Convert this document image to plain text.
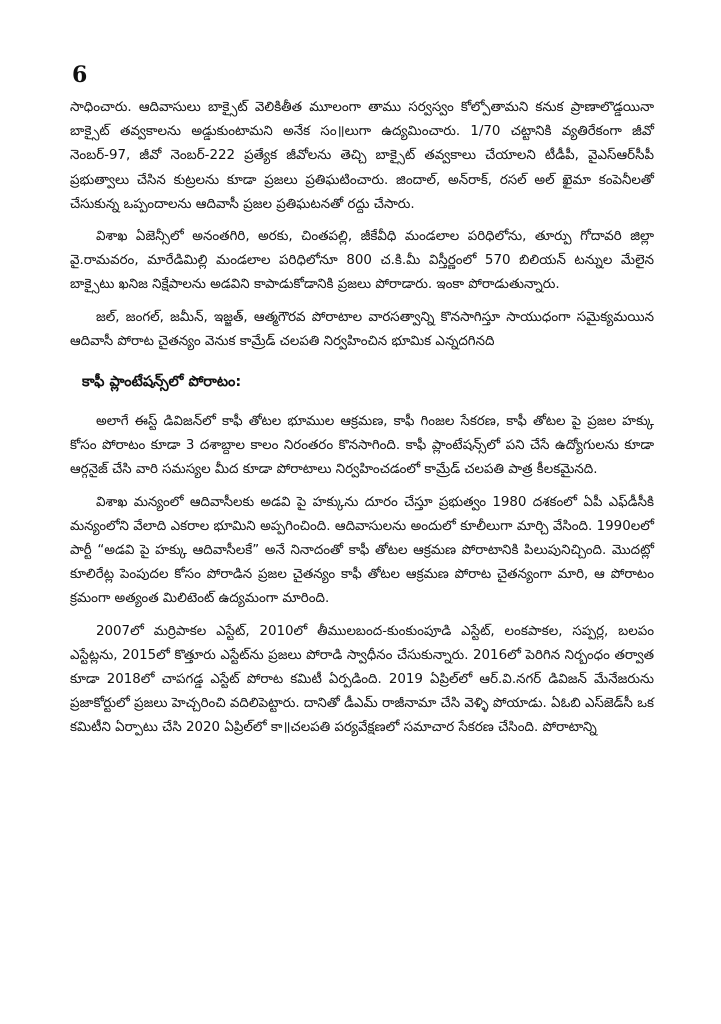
6

సాధించారు. ఆదివాసులు బాక్సైట్ వెలికితీత మూలంగా తాము సర్వస్వం కోల్పోతామని కనుక ప్రాణాలొడ్డయినా బాక్సైట్ తవ్వకాలను అడ్డుకుంటామని అనేక సం॥లుగా ఉద్యమించారు. 1/70 చట్టానికి వ్యతిరేకంగా జీవో నెంబర్-97, జీవో నెంబర్-222 ప్రత్యేక జీవోలను తెచ్చి బాక్సైట్ తవ్వకాలు చేయాలని టీడీపీ, వైఎస్ఆర్‌సీపీ ప్రభుత్వాలు చేసిన కుట్రలను కూడా ప్రజలు ప్రతిఘటించారు. జిందాల్, అన్‌రాక్, రసల్ అల్ ఖైమా కంపెనీలతో చేసుకున్న ఒప్పందాలను ఆదివాసీ ప్రజల ప్రతిఘటనతో రద్దు చేసారు.

విశాఖ ఏజెన్సీలో అనంతగిరి, అరకు, చింతపల్లి, జీకేవీధి మండలాల పరిధిలోను, తూర్పు గోదావరి జిల్లా వై.రామవరం, మారేడిమిల్లి మండలాల పరిధిలోనూ 800 చ.కి.మీ విస్తీర్ణంలో 570 బిలియన్ టన్నుల మేలైన బాక్సైటు ఖనిజ నిక్షేపాలను అడవిని కాపాడుకోడానికి ప్రజలు పోరాడారు. ఇంకా పోరాడుతున్నారు.

జల్, జంగల్, జమీన్, ఇజ్జత్, ఆత్మగౌరవ పోరాటాల వారసత్వాన్ని కొనసాగిస్తూ సాయుధంగా సమైక్యమయిన ఆదివాసీ పోరాట చైతన్యం వెనుక కామ్రేడ్ చలపతి నిర్వహించిన భూమిక ఎన్నదగినది

కాఫీ ప్లాంటేషన్స్‌లో పోరాటం:

అలాగే ఈస్ట్ డివిజన్‌లో కాఫీ తోటల భూముల ఆక్రమణ, కాఫీ గింజల సేకరణ, కాఫీ తోటల పై ప్రజల హక్కు కోసం పోరాటం కూడా 3 దశాబ్దాల కాలం నిరంతరం కొనసాగింది. కాఫీ ప్లాంటేషన్స్‌లో పని చేసే ఉద్యోగులను కూడా ఆర్గనైజ్ చేసి వారి సమస్యల మీద కూడా పోరాటాలు నిర్వహించడంలో కామ్రేడ్ చలపతి పాత్ర కీలకమైనది.

విశాఖ మన్యంలో ఆదివాసీలకు అడవి పై హక్కును దూరం చేస్తూ ప్రభుత్వం 1980 దశకంలో ఏపీ ఎఫ్‌డీసీకి మన్యంలోని వేలాది ఎకరాల భూమిని అప్పగించింది. ఆదివాసులను అందులో కూలీలుగా మార్చి వేసింది. 1990లలో పార్టీ “అడవి పై హక్కు ఆదివాసీలకే” అనే నినాదంతో కాఫీ తోటల ఆక్రమణ పోరాటానికి పిలుపునిచ్చింది. మొదట్లో కూలిరేట్ల పెంపుదల కోసం పోరాడిన ప్రజల చైతన్యం కాఫీ తోటల ఆక్రమణ పోరాట చైతన్యంగా మారి, ఆ పోరాటం క్రమంగా అత్యంత మిలిటెంట్ ఉద్యమంగా మారింది.

2007లో మర్రిపాకల ఎస్టేట్, 2010లో తీములబంద-కుంకుంపూడి ఎస్టేట్, లంకపాకల, సప్పర్ల, బలపం ఎస్టేట్లను, 2015లో కొత్తూరు ఎస్టేట్‌ను ప్రజలు పోరాడి స్వాధీనం చేసుకున్నారు. 2016లో పెరిగిన నిర్బంధం తర్వాత కూడా 2018లో చాపగడ్డ ఎస్టేట్ పోరాట కమిటీ ఏర్పడింది. 2019 ఏప్రిల్‌లో ఆర్.వి.నగర్ డివిజన్ మేనేజరును ప్రజాకోర్టులో ప్రజలు హెచ్చరించి వదిలిపెట్టారు. దానితో డీఎమ్ రాజీనామా చేసి వెళ్ళి పోయాడు. ఏఓబి ఎస్‌జెడ్‌సీ ఒక కమిటీని ఏర్పాటు చేసి 2020 ఏప్రిల్‌లో కా॥చలపతి పర్యవేక్షణలో సమాచార సేకరణ చేసింది. పోరాటాన్ని
